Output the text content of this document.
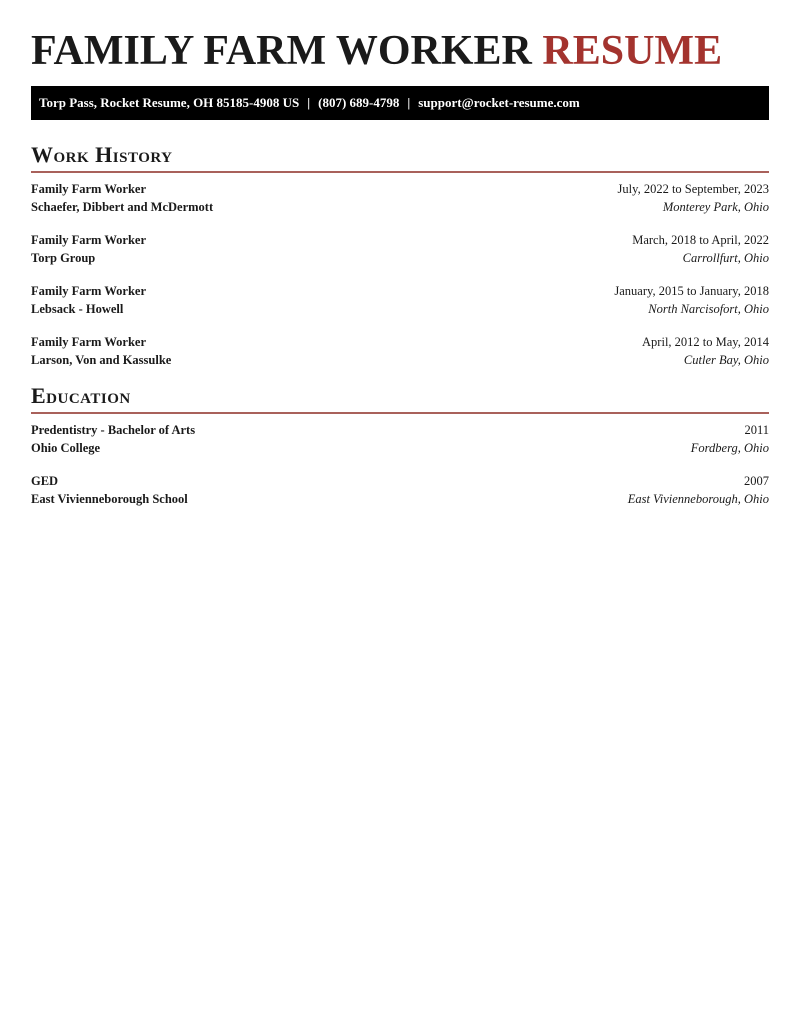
FAMILY FARM WORKER RESUME
Torp Pass, Rocket Resume, OH 85185-4908 US | (807) 689-4798 | support@rocket-resume.com
Work History
Family Farm Worker	July, 2022 to September, 2023
Schaefer, Dibbert and McDermott	Monterey Park, Ohio
Family Farm Worker	March, 2018 to April, 2022
Torp Group	Carrollfurt, Ohio
Family Farm Worker	January, 2015 to January, 2018
Lebsack - Howell	North Narcisofort, Ohio
Family Farm Worker	April, 2012 to May, 2014
Larson, Von and Kassulke	Cutler Bay, Ohio
Education
Predentistry - Bachelor of Arts	2011
Ohio College	Fordberg, Ohio
GED	2007
East Vivienneborough School	East Vivienneborough, Ohio
